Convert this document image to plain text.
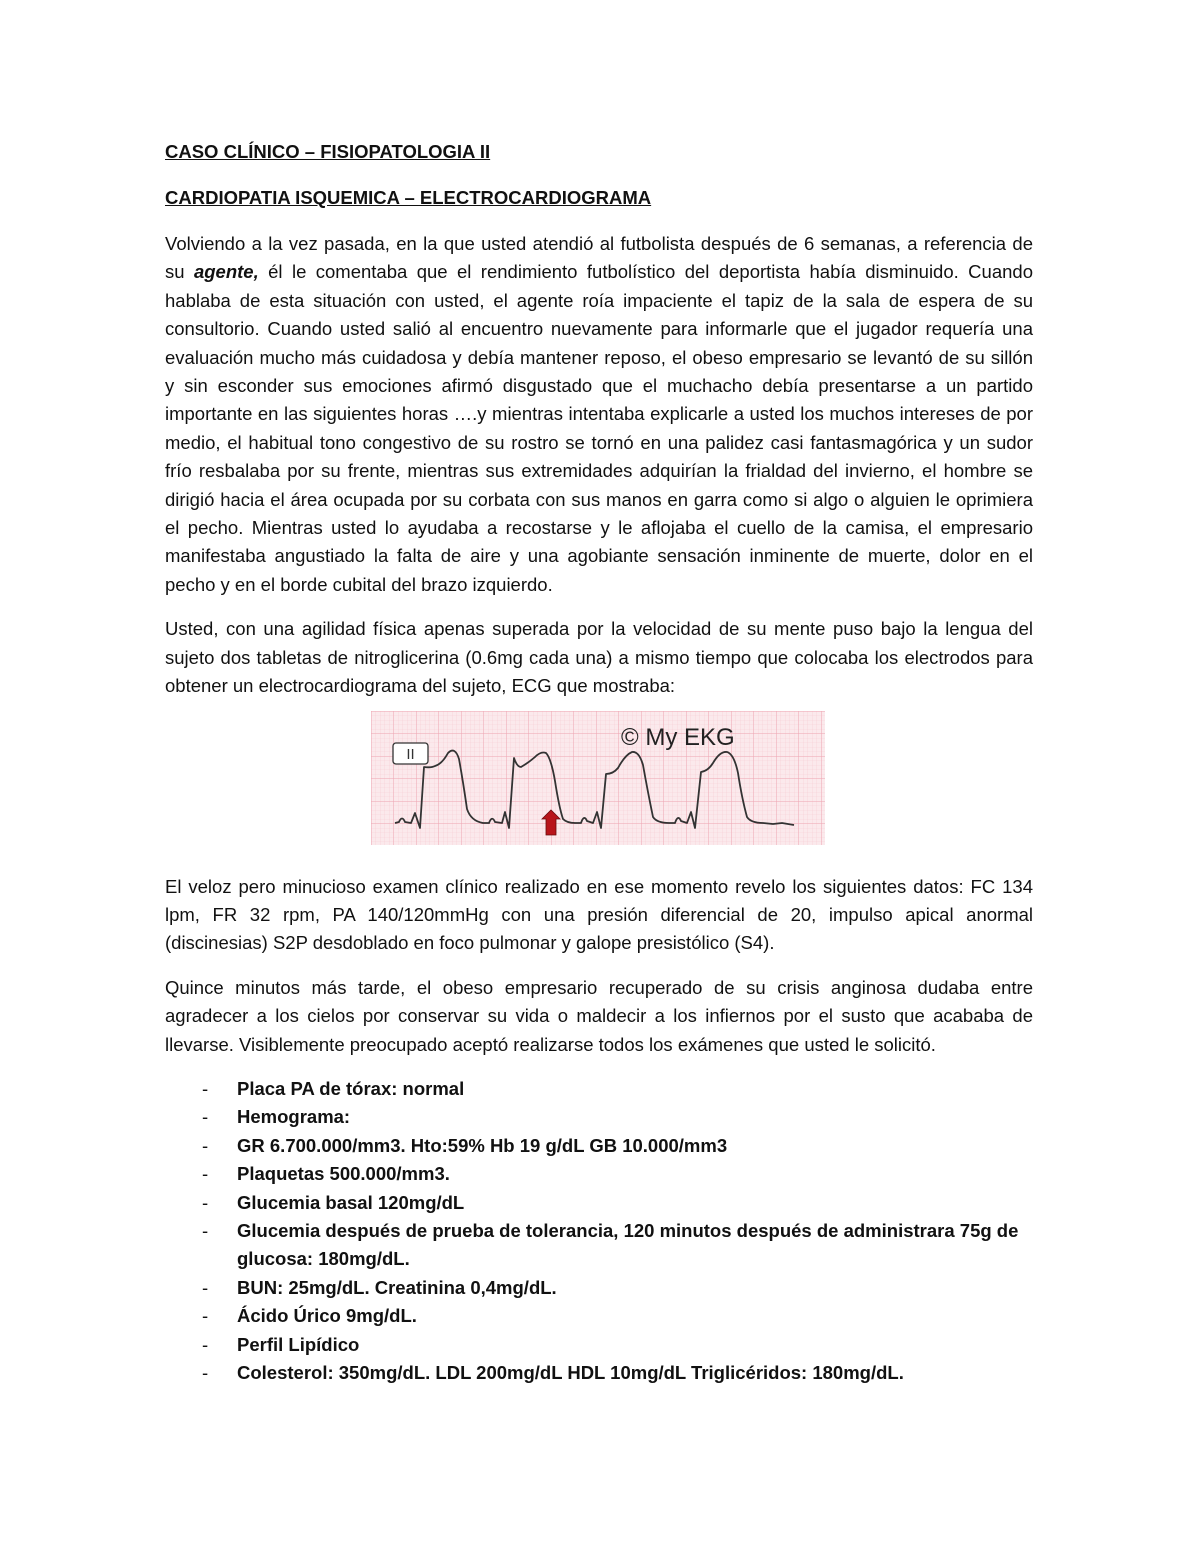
CASO CLÍNICO – FISIOPATOLOGIA II
CARDIOPATIA ISQUEMICA – ELECTROCARDIOGRAMA

Volviendo a la vez pasada, en la que usted atendió al futbolista después de 6 semanas, a referencia de su agente, él le comentaba que el rendimiento futbolístico del deportista había disminuido. Cuando hablaba de esta situación con usted, el agente roía impaciente el tapiz de la sala de espera de su consultorio. Cuando usted salió al encuentro nuevamente para informarle que el jugador requería una evaluación mucho más cuidadosa y debía mantener reposo, el obeso empresario se levantó de su sillón y sin esconder sus emociones afirmó disgustado que el muchacho debía presentarse a un partido importante en las siguientes horas ….y mientras intentaba explicarle a usted los muchos intereses de por medio, el habitual tono congestivo de su rostro se tornó en una palidez casi fantasmagórica y un sudor frío resbalaba por su frente, mientras sus extremidades adquirían la frialdad del invierno, el hombre se dirigió hacia el área ocupada por su corbata con sus manos en garra como si algo o alguien le oprimiera el pecho. Mientras usted lo ayudaba a recostarse y le aflojaba el cuello de la camisa, el empresario manifestaba angustiado la falta de aire y una agobiante sensación inminente de muerte, dolor en el pecho y en el borde cubital del brazo izquierdo.

Usted, con una agilidad física apenas superada por la velocidad de su mente puso bajo la lengua del sujeto dos tabletas de nitroglicerina (0.6mg cada una) a mismo tiempo que colocaba los electrodos para obtener un electrocardiograma del sujeto, ECG que mostraba:

II
© My EKG

El veloz pero minucioso examen clínico realizado en ese momento revelo los siguientes datos: FC 134 lpm, FR 32 rpm, PA 140/120mmHg con una presión diferencial de 20, impulso apical anormal (discinesias) S2P desdoblado en foco pulmonar y galope presistólico (S4).

Quince minutos más tarde, el obeso empresario recuperado de su crisis anginosa dudaba entre agradecer a los cielos por conservar su vida o maldecir a los infiernos por el susto que acababa de llevarse. Visiblemente preocupado aceptó realizarse todos los exámenes que usted le solicitó.

- Placa PA de tórax: normal
- Hemograma:
- GR 6.700.000/mm3. Hto:59% Hb 19 g/dL GB 10.000/mm3
- Plaquetas 500.000/mm3.
- Glucemia basal 120mg/dL
- Glucemia después de prueba de tolerancia, 120 minutos después de administrara 75g de glucosa: 180mg/dL.
- BUN: 25mg/dL. Creatinina 0,4mg/dL.
- Ácido Úrico 9mg/dL.
- Perfil Lipídico
- Colesterol: 350mg/dL. LDL 200mg/dL HDL 10mg/dL Triglicéridos: 180mg/dL.
